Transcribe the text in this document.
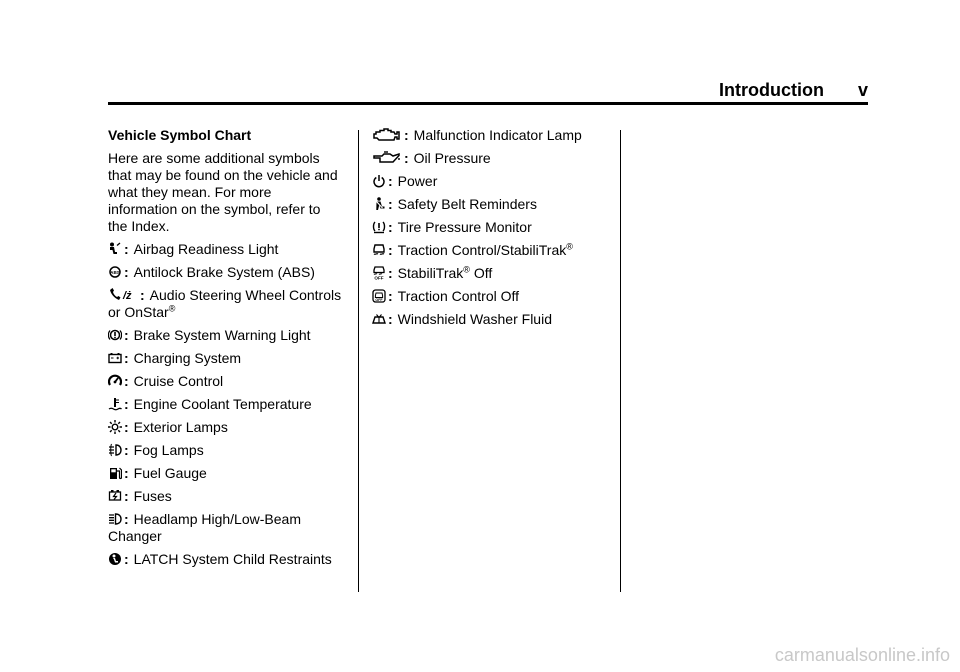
Introduction v
Vehicle Symbol Chart
Here are some additional symbols that may be found on the vehicle and what they mean. For more information on the symbol, refer to the Index.
: Airbag Readiness Light
ABS : Antilock Brake System (ABS)
/ż : Audio Steering Wheel Controls or OnStar®
: Brake System Warning Light
: Charging System
: Cruise Control
: Engine Coolant Temperature
: Exterior Lamps
: Fog Lamps
: Fuel Gauge
: Fuses
: Headlamp High/Low-Beam Changer
: LATCH System Child Restraints
: Malfunction Indicator Lamp
: Oil Pressure
: Power
: Safety Belt Reminders
: Tire Pressure Monitor
: Traction Control/StabiliTrak®
OFF : StabiliTrak® Off
OFF : Traction Control Off
: Windshield Washer Fluid
carmanualsonline.info
